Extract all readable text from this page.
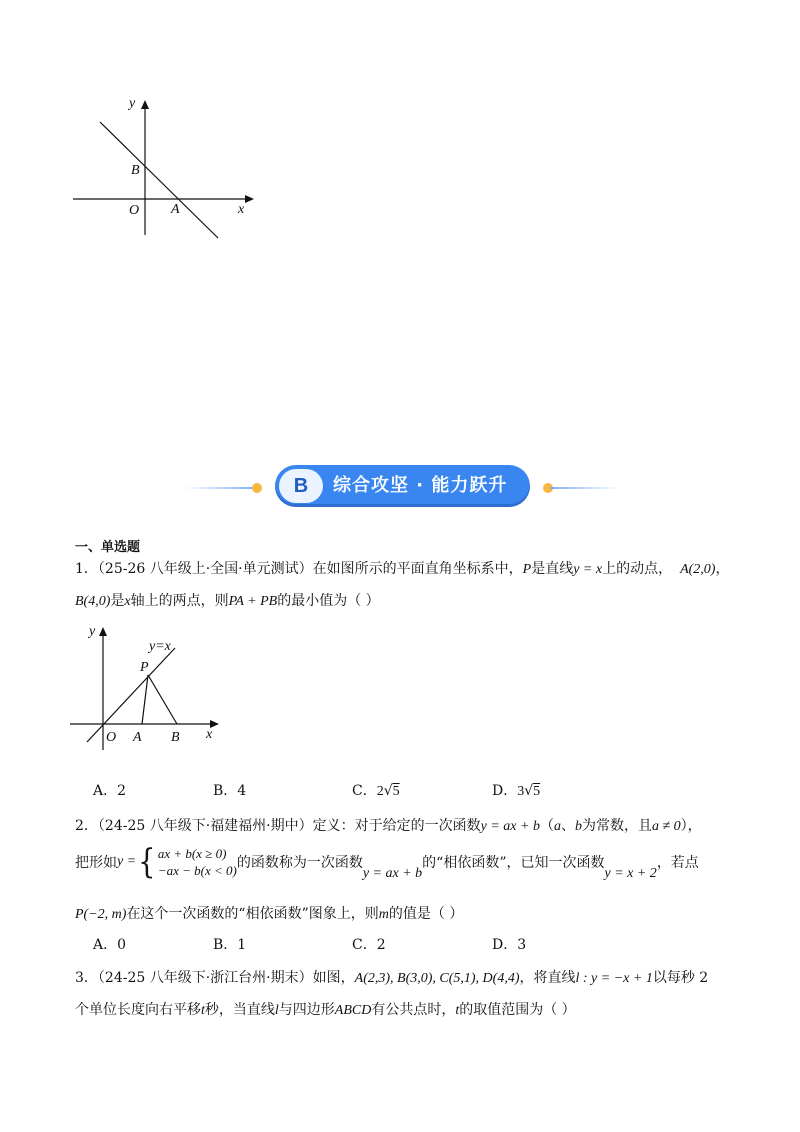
y
B
O A	x
B	综合攻坚 · 能力跃升
一、单选题
1．（25-26 八年级上·全国·单元测试）在如图所示的平面直角坐标系中，P是直线y = x上的动点， A(2,0)，
B(4,0)是x轴上的两点，则PA + PB的最小值为（ ）
y
y=x
P
O A B x
A．2	B．4	C．2√5	D．3√5
2．（24-25 八年级下·福建福州·期中）定义：对于给定的一次函数y = ax + b（a、b为常数，且a ≠ 0），
把形如 y = { ax + b(x ≥ 0)
−ax − b(x < 0) 的函数称为一次函数
y = ax + b
的“相依函数”，已知一次函数
y = x + 2
，若点
P(−2, m)在这个一次函数的“相依函数”图象上，则m的值是（ ）
A．0	B．1	C．2	D．3
3．（24-25 八年级下·浙江台州·期末）如图，A(2,3), B(3,0), C(5,1), D(4,4)，将直线l : y = −x + 1以每秒 2
个单位长度向右平移t秒，当直线l与四边形ABCD有公共点时，t的取值范围为（ ）
